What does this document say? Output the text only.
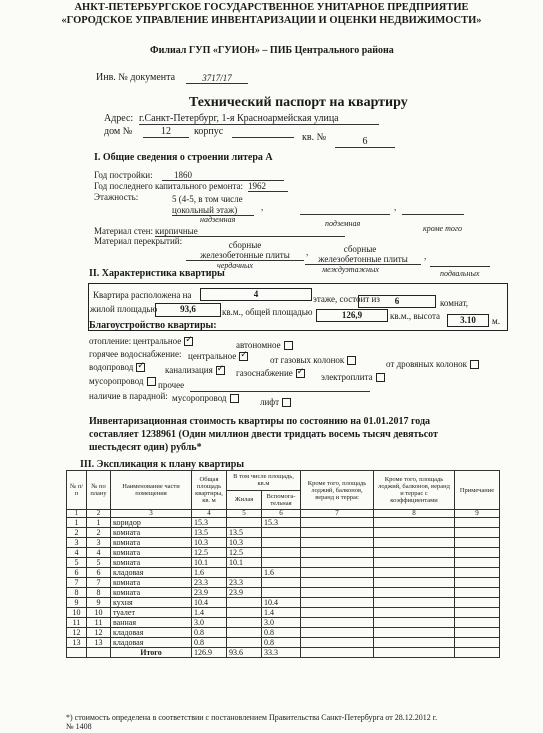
АНКТ-ПЕТЕРБУРГСКОЕ ГОСУДАРСТВЕННОЕ УНИТАРНОЕ ПРЕДПРИЯТИЕ
«ГОРОДСКОЕ УПРАВЛЕНИЕ ИНВЕНТАРИЗАЦИИ И ОЦЕНКИ НЕДВИЖИМОСТИ»
Филиал ГУП «ГУИОН» – ПИБ Центрального района
Инв. № документа	3717/17
Технический паспорт на квартиру
Адрес: г.Санкт-Петербург, 1-я Красноармейская улица
дом №	12	корпус
кв. №	6
I. Общие сведения о строении литера А
Год постройки:	1860
Год последнего капитального ремонта: 1962
Этажность:	5 (4-5, в том числе
цокольный этаж)	,	,
надземная	подземная
кроме того
Материал стен: кирпичные
Материал перекрытий:	сборные
железобетонные плиты	,	сборные
железобетонные плиты	,
чердачных	междуэтажных	подвальных
II. Характеристика квартиры
Квартира расположена на	4	этаже, состоит из	6	комнат,
жилой площадью	93,6	кв.м., общей площадью	126,9	кв.м., высота	3.10	м.
Благоустройство квартиры:
отопление: центральное ✓	автономное
горячее водоснабжение: центральное ✓	от газовых колонок	от дровяных колонок
водопровод ✓	канализация ✓	газоснабжение ✓	электроплита
мусоропровод	прочее
наличие в парадной: мусоропровод	лифт
Инвентаризационная стоимость квартиры по состоянию на 01.01.2017 года
составляет 1238961 (Один миллион двести тридцать восемь тысяч девятьсот
шестьдесят один) рубль*
III. Экспликация к плану квартиры
№ п/п	№ по плану	Наименование части помещения	Общая площадь квартиры, кв. м	В том числе площадь, кв.м		Кроме того, площадь лоджий, балконов, веранд и террас	Кроме того, площадь лоджий, балконов, веранд и террас с коэффициентами	Примечание
				Жилая	Вспомога-тельная			
1	2	3	4	5	6	7	8	9
1	1	коридор	15.3		15.3			
2	2	комната	13.5	13.5				
3	3	комната	10.3	10.3				
4	4	комната	12.5	12.5				
5	5	комната	10.1	10.1				
6	6	кладовая	1.6		1.6			
7	7	комната	23.3	23.3				
8	8	комната	23.9	23.9				
9	9	кухня	10.4		10.4			
10	10	туалет	1.4		1.4			
11	11	ванная	3.0		3.0			
12	12	кладовая	0.8		0.8			
13	13	кладовая	0.8		0.8			
		Итого	126.9	93.6	33.3			
*) стоимость определена в соответствии с постановлением Правительства Санкт-Петербурга от 28.12.2012 г.
№ 1408
